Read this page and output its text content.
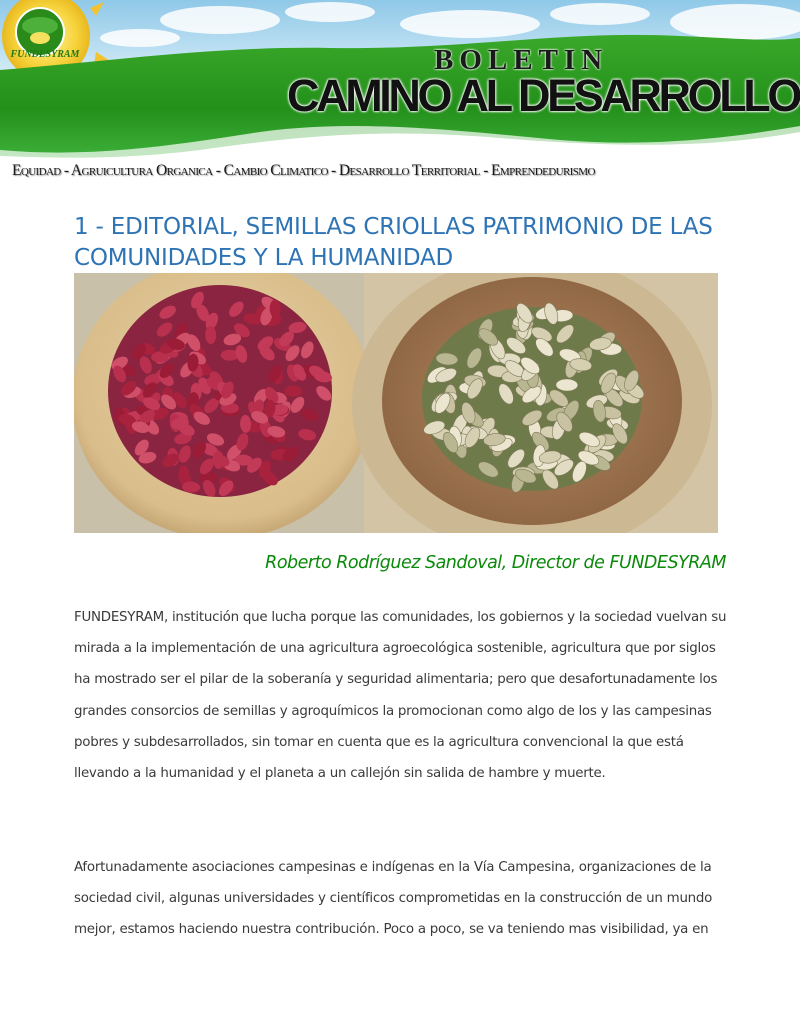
FUNDESYRAM	BOLETIN
CAMINO AL DESARROLLO
Equidad - Agruicultura Organica - Cambio Climatico - Desarrollo Territorial - Emprendedurismo
1 - EDITORIAL, SEMILLAS CRIOLLAS PATRIMONIO DE LAS COMUNIDADES Y LA HUMANIDAD
Roberto Rodríguez Sandoval, Director de FUNDESYRAM

FUNDESYRAM, institución que lucha porque las comunidades, los gobiernos y la sociedad vuelvan su mirada a la implementación de una agricultura agroecológica sostenible, agricultura que por siglos ha mostrado ser el pilar de la soberanía y seguridad alimentaria; pero que desafortunadamente los grandes consorcios de semillas y agroquímicos la promocionan como algo de los y las campesinas pobres y subdesarrollados, sin tomar en cuenta que es la agricultura convencional la que está llevando a la humanidad y el planeta a un callejón sin salida de hambre y muerte.

Afortunadamente asociaciones campesinas e indígenas en la Vía Campesina, organizaciones de la sociedad civil, algunas universidades y científicos comprometidas en la construcción de un mundo mejor, estamos haciendo nuestra contribución. Poco a poco, se va teniendo mas visibilidad, ya en
